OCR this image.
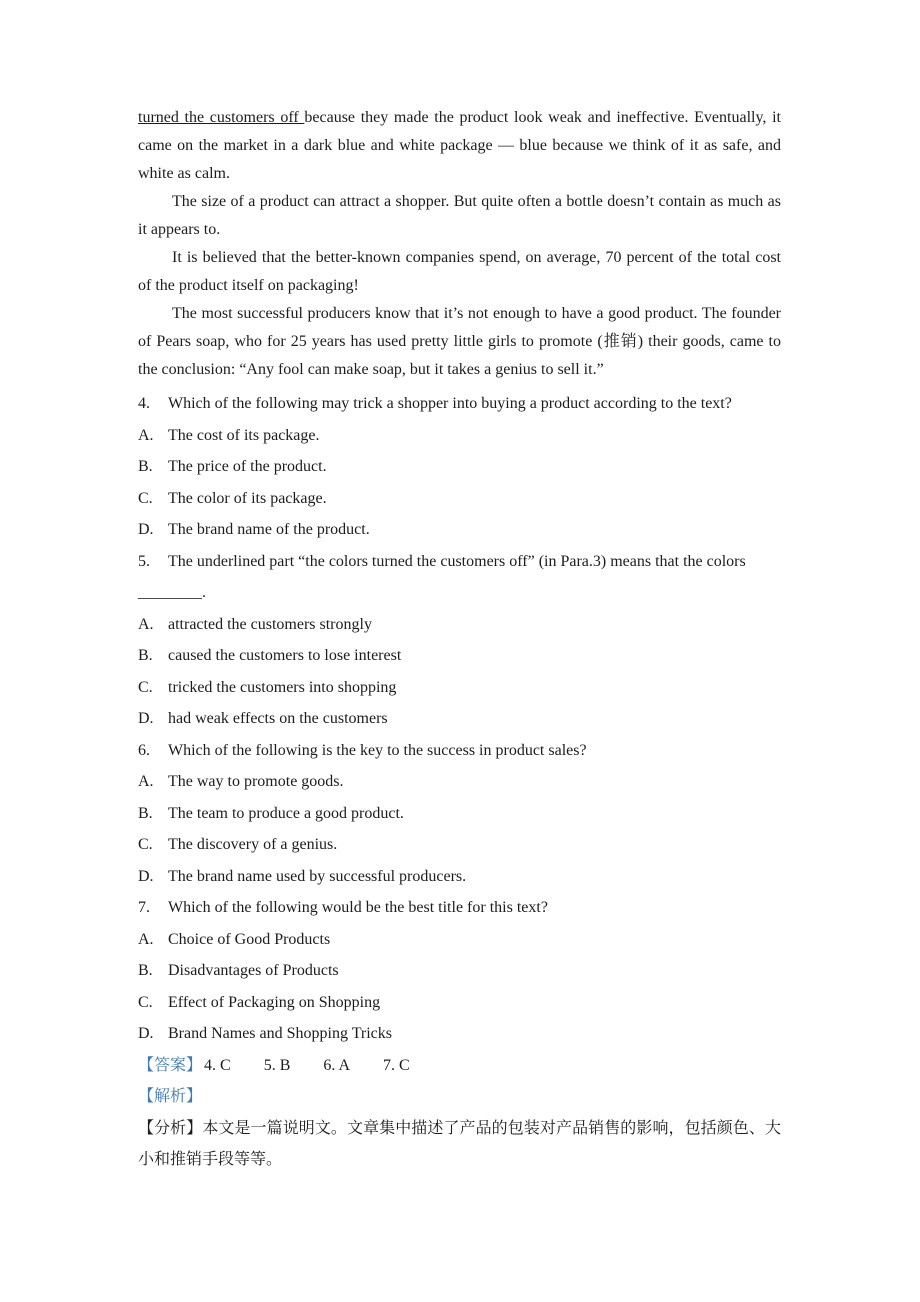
turned the customers off because they made the product look weak and ineffective. Eventually, it came on the market in a dark blue and white package — blue because we think of it as safe, and white as calm.

The size of a product can attract a shopper. But quite often a bottle doesn’t contain as much as it appears to.

It is believed that the better-known companies spend, on average, 70 percent of the total cost of the product itself on packaging!

The most successful producers know that it’s not enough to have a good product. The founder of Pears soap, who for 25 years has used pretty little girls to promote (推销) their goods, came to the conclusion: “Any fool can make soap, but it takes a genius to sell it.”

4. Which of the following may trick a shopper into buying a product according to the text?
A. The cost of its package.
B. The price of the product.
C. The color of its package.
D. The brand name of the product.
5. The underlined part “the colors turned the customers off” (in Para.3) means that the colors
________.
A. attracted the customers strongly
B. caused the customers to lose interest
C. tricked the customers into shopping
D. had weak effects on the customers
6. Which of the following is the key to the success in product sales?
A. The way to promote goods.
B. The team to produce a good product.
C. The discovery of a genius.
D. The brand name used by successful producers.
7. Which of the following would be the best title for this text?
A. Choice of Good Products
B. Disadvantages of Products
C. Effect of Packaging on Shopping
D. Brand Names and Shopping Tricks
【答案】 4. C 5. B 6. A 7. C
【解析】

【分析】本文是一篇说明文。文章集中描述了产品的包装对产品销售的影响，包括颜色、大小和推销手段等等。
